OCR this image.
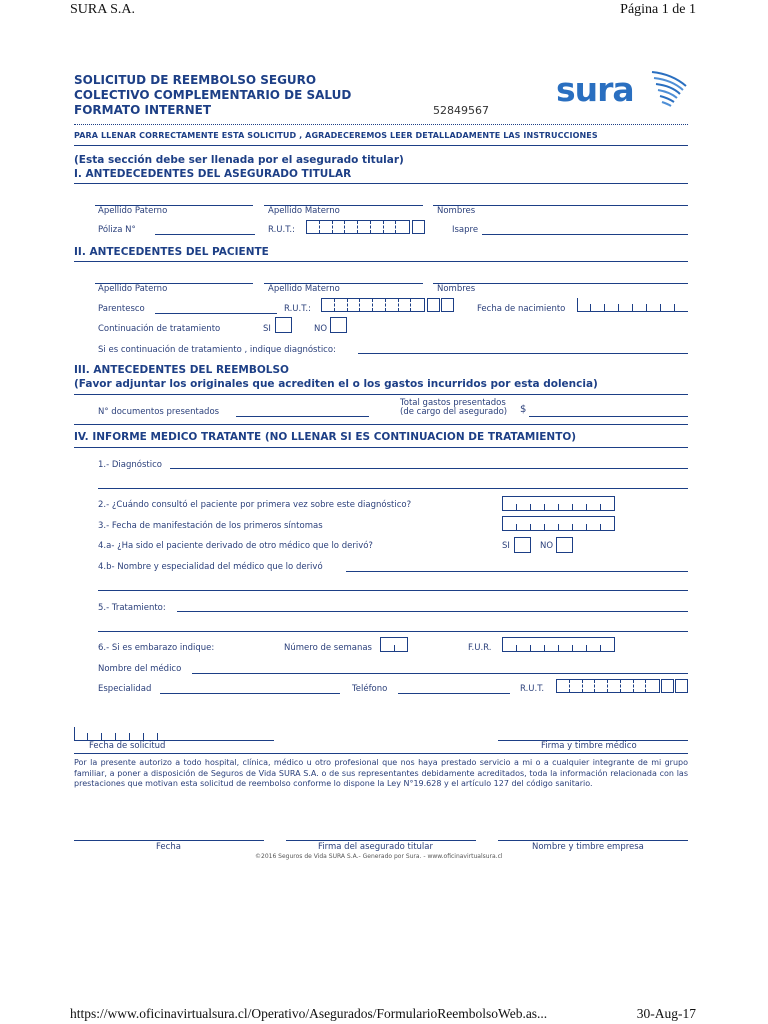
SURA S.A.	Página 1 de 1
SOLICITUD DE REEMBOLSO SEGURO
COLECTIVO COMPLEMENTARIO DE SALUD
FORMATO INTERNET	52849567
sura
PARA LLENAR CORRECTAMENTE ESTA SOLICITUD , AGRADECEREMOS LEER DETALLADAMENTE LAS INSTRUCCIONES
(Esta sección debe ser llenada por el asegurado titular)
I. ANTEDECEDENTES DEL ASEGURADO TITULAR
Apellido Paterno	Apellido Materno	Nombres
Póliza N°	R.U.T.:	Isapre
II. ANTECEDENTES DEL PACIENTE
Apellido Paterno	Apellido Materno	Nombres
Parentesco	R.U.T.:	Fecha de nacimiento
Continuación de tratamiento	SI	NO
Si es continuación de tratamiento , indique diagnóstico:
III. ANTECEDENTES DEL REEMBOLSO
(Favor adjuntar los originales que acrediten el o los gastos incurridos por esta dolencia)
N° documentos presentados
Total gastos presentados
(de cargo del asegurado) $
IV. INFORME MEDICO TRATANTE (NO LLENAR SI ES CONTINUACION DE TRATAMIENTO)
1.- Diagnóstico
2.- ¿Cuándo consultó el paciente por primera vez sobre este diagnóstico?
3.- Fecha de manifestación de los primeros síntomas
4.a- ¿Ha sido el paciente derivado de otro médico que lo derivó?	SI	NO
4.b- Nombre y especialidad del médico que lo derivó
5.- Tratamiento:
6.- Si es embarazo indique:	Número de semanas	F.U.R.
Nombre del médico
Especialidad	Teléfono	R.U.T.
Fecha de solicitud	Firma y timbre médico
Por la presente autorizo a todo hospital, clínica, médico u otro profesional que nos haya prestado servicio a mi o a cualquier integrante de mi grupo familiar, a poner a disposición de Seguros de Vida SURA S.A. o de sus representantes debidamente acreditados, toda la información relacionada con las prestaciones que motivan esta solicitud de reembolso conforme lo dispone la Ley N°19.628 y el artículo 127 del código sanitario.
Fecha	Firma del asegurado titular	Nombre y timbre empresa
©2016 Seguros de Vida SURA S.A.- Generado por Sura. - www.oficinavirtualsura.cl
https://www.oficinavirtualsura.cl/Operativo/Asegurados/FormularioReembolsoWeb.as...	30-Aug-17
